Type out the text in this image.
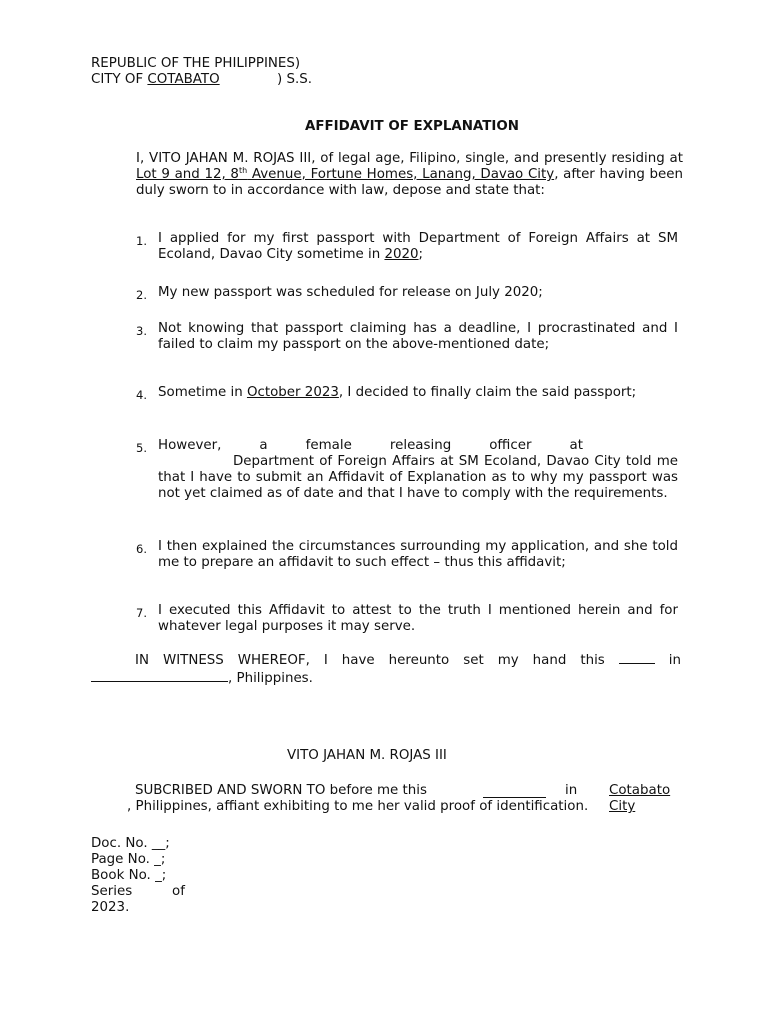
REPUBLIC OF THE PHILIPPINES)
CITY OF COTABATO	) S.S.
AFFIDAVIT OF EXPLANATION
I, VITO JAHAN M. ROJAS III, of legal age, Filipino, single, and presently residing at Lot 9 and 12, 8th Avenue, Fortune Homes, Lanang, Davao City, after having been duly sworn to in accordance with law, depose and state that:
1. I applied for my first passport with Department of Foreign Affairs at SM Ecoland, Davao City sometime in 2020;
2. My new passport was scheduled for release on July 2020;
3. Not knowing that passport claiming has a deadline, I procrastinated and I failed to claim my passport on the above-mentioned date;
4. Sometime in October 2023, I decided to finally claim the said passport;
5. However, a female releasing officer at
Department of Foreign Affairs at SM Ecoland, Davao City told me that I have to submit an Affidavit of Explanation as to why my passport was not yet claimed as of date and that I have to comply with the requirements.
6. I then explained the circumstances surrounding my application, and she told me to prepare an affidavit to such effect – thus this affidavit;
7. I executed this Affidavit to attest to the truth I mentioned herein and for whatever legal purposes it may serve.
IN WITNESS WHEREOF, I have hereunto set my hand this	in
, Philippines.
VITO JAHAN M. ROJAS III
SUBCRIBED AND SWORN TO before me this	in Cotabato City
, Philippines, affiant exhibiting to me her valid proof of identification.
Doc. No. __;
Page No. _;
Book No. _;
Series	of
2023.
